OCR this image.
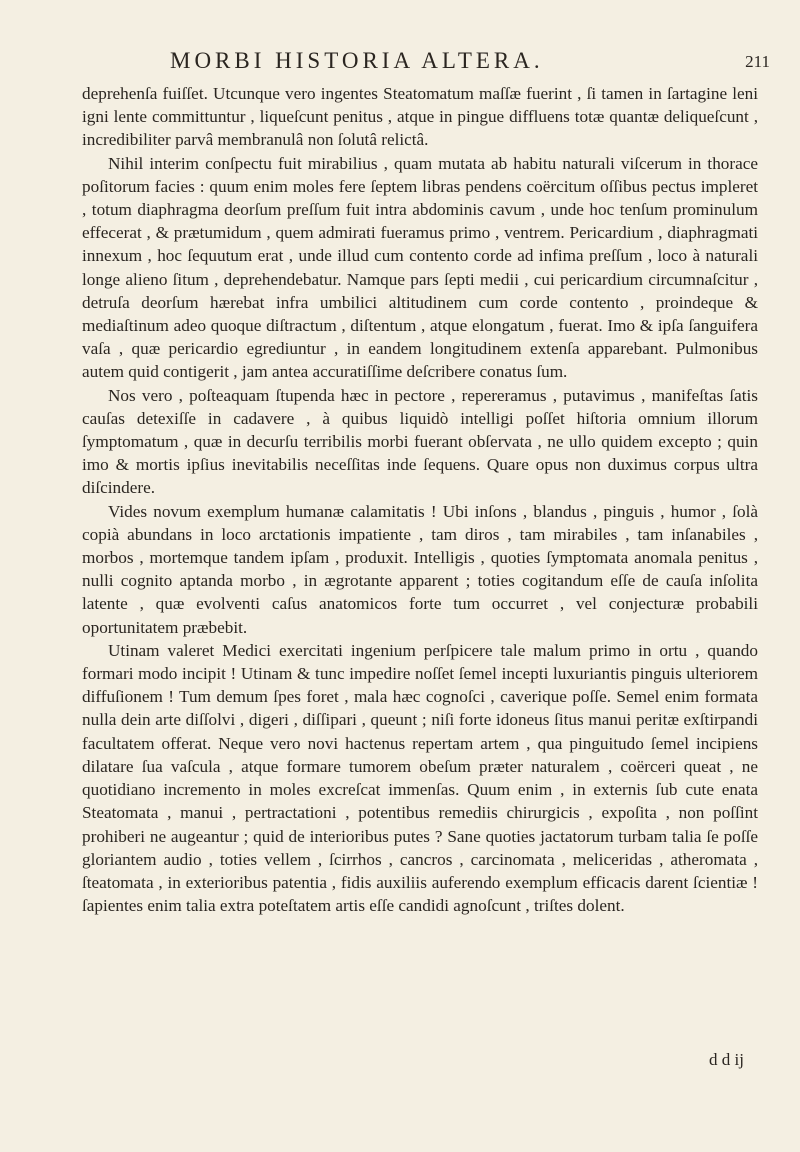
MORBI HISTORIA ALTERA.	211

deprehenſa fuiſſet. Utcunque vero ingentes Steatomatum maſſæ fuerint , ſi tamen in ſartagine leni igni lente committuntur , liqueſcunt penitus , atque in pingue diffluens totæ quantæ deliqueſcunt , incredibiliter parvâ membranulâ non ſolutâ relictâ.

Nihil interim conſpectu fuit mirabilius , quam mutata ab habitu naturali viſcerum in thorace poſitorum facies : quum enim moles fere ſeptem libras pendens coërcitum oſſibus pectus impleret , totum diaphragma deorſum preſſum fuit intra abdominis cavum , unde hoc tenſum prominulum effecerat , & prætumidum , quem admirati fueramus primo , ventrem. Pericardium , diaphragmati innexum , hoc ſequutum erat , unde illud cum contento corde ad infima preſſum , loco à naturali longe alieno ſitum , deprehendebatur. Namque pars ſepti medii , cui pericardium circumnaſcitur , detruſa deorſum hærebat infra umbilici altitudinem cum corde contento , proindeque & mediaſtinum adeo quoque diſtractum , diſtentum , atque elongatum , fuerat. Imo & ipſa ſanguifera vaſa , quæ pericardio egrediuntur , in eandem longitudinem extenſa apparebant. Pulmonibus autem quid contigerit , jam antea accuratiſſime deſcribere conatus ſum.

Nos vero , poſteaquam ſtupenda hæc in pectore , repereramus , putavimus , manifeſtas ſatis cauſas detexiſſe in cadavere , à quibus liquidò intelligi poſſet hiſtoria omnium illorum ſymptomatum , quæ in decurſu terribilis morbi fuerant obſervata , ne ullo quidem excepto ; quin imo & mortis ipſius inevitabilis neceſſitas inde ſequens. Quare opus non duximus corpus ultra diſcindere.

Vides novum exemplum humanæ calamitatis ! Ubi inſons , blandus , pinguis , humor , ſolà copià abundans in loco arctationis impatiente , tam diros , tam mirabiles , tam inſanabiles , morbos , mortemque tandem ipſam , produxit. Intelligis , quoties ſymptomata anomala penitus , nulli cognito aptanda morbo , in ægrotante apparent ; toties cogitandum eſſe de cauſa inſolita latente , quæ evolventi caſus anatomicos forte tum occurret , vel conjecturæ probabili oportunitatem præbebit.

Utinam valeret Medici exercitati ingenium perſpicere tale malum primo in ortu , quando formari modo incipit ! Utinam & tunc impedire noſſet ſemel incepti luxuriantis pinguis ulteriorem diffuſionem ! Tum demum ſpes foret , mala hæc cognoſci , caverique poſſe. Semel enim formata nulla dein arte diſſolvi , digeri , diſſipari , queunt ; niſi forte idoneus ſitus manui peritæ exſtirpandi facultatem offerat. Neque vero novi hactenus repertam artem , qua pinguitudo ſemel incipiens dilatare ſua vaſcula , atque formare tumorem obeſum præter naturalem , coërceri queat , ne quotidiano incremento in moles excreſcat immenſas. Quum enim , in externis ſub cute enata Steatomata , manui , pertractationi , potentibus remediis chirurgicis , expoſita , non poſſint prohiberi ne augeantur ; quid de interioribus putes ? Sane quoties jactatorum turbam talia ſe poſſe gloriantem audio , toties vellem , ſcirrhos , cancros , carcinomata , meliceridas , atheromata , ſteatomata , in exterioribus patentia , fidis auxiliis auferendo exemplum efficacis darent ſcientiæ ! ſapientes enim talia extra poteſtatem artis eſſe candidi agnoſcunt , triſtes dolent.

d d ij
